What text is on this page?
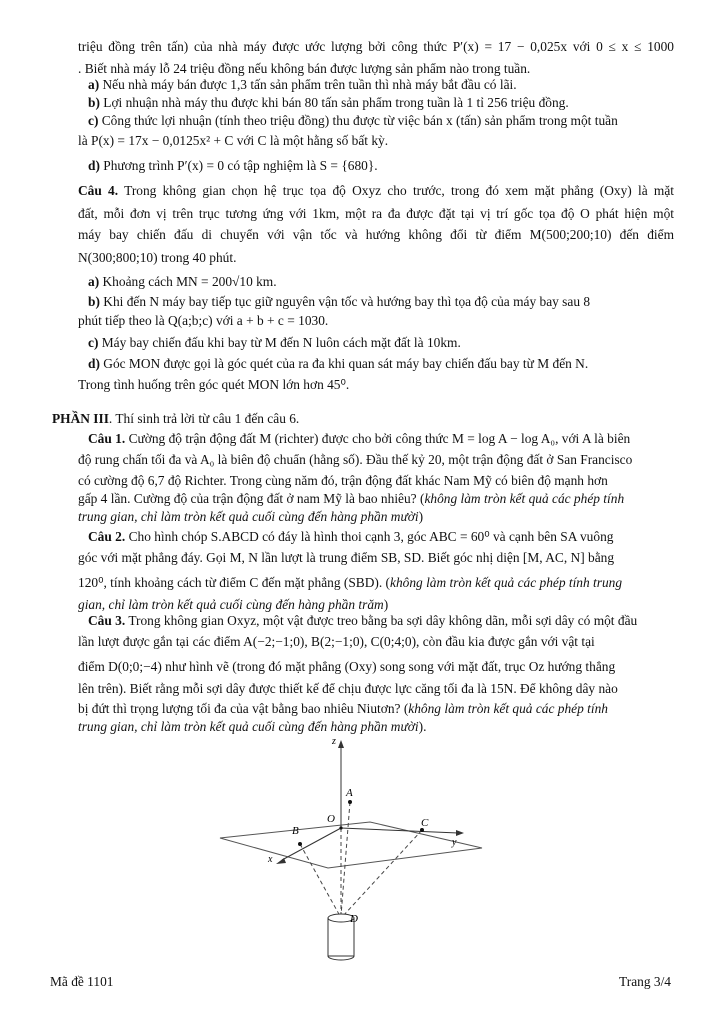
triệu đồng trên tấn) của nhà máy được ước lượng bởi công thức P′(x) = 17 − 0,025x với 0 ≤ x ≤ 1000
. Biết nhà máy lỗ 24 triệu đồng nếu không bán được lượng sản phẩm nào trong tuần.
a) Nếu nhà máy bán được 1,3 tấn sản phẩm trên tuần thì nhà máy bắt đầu có lãi.
b) Lợi nhuận nhà máy thu được khi bán 80 tấn sản phẩm trong tuần là 1 tỉ 256 triệu đồng.
c) Công thức lợi nhuận (tính theo triệu đồng) thu được từ việc bán x (tấn) sản phẩm trong một tuần
là P(x) = 17x − 0,0125x² + C với C là một hằng số bất kỳ.
d) Phương trình P′(x) = 0 có tập nghiệm là S = {680}.
Câu 4. Trong không gian chọn hệ trục tọa độ Oxyz cho trước, trong đó xem mặt phẳng (Oxy) là mặt
đất, mỗi đơn vị trên trục tương ứng với 1km, một ra đa được đặt tại vị trí gốc tọa độ O phát hiện một
máy bay chiến đấu di chuyển với vận tốc và hướng không đổi từ điểm M(500;200;10) đến điểm
N(300;800;10) trong 40 phút.
a) Khoảng cách MN = 200√10 km.
b) Khi đến N máy bay tiếp tục giữ nguyên vận tốc và hướng bay thì tọa độ của máy bay sau 8
phút tiếp theo là Q(a;b;c) với a + b + c = 1030.
c) Máy bay chiến đấu khi bay từ M đến N luôn cách mặt đất là 10km.
d) Góc MON được gọi là góc quét của ra đa khi quan sát máy bay chiến đấu bay từ M đến N.
Trong tình huống trên góc quét MON lớn hơn 45⁰.
PHẦN III. Thí sinh trả lời từ câu 1 đến câu 6.
Câu 1. Cường độ trận động đất M (richter) được cho bởi công thức M = log A − log A₀, với A là biên
độ rung chấn tối đa và A₀ là biên độ chuẩn (hằng số). Đầu thế kỷ 20, một trận động đất ở San Francisco
có cường độ 6,7 độ Richter. Trong cùng năm đó, trận động đất khác Nam Mỹ có biên độ mạnh hơn
gấp 4 lần. Cường độ của trận động đất ở nam Mỹ là bao nhiêu? (không làm tròn kết quả các phép tính
trung gian, chỉ làm tròn kết quả cuối cùng đến hàng phần mười)
Câu 2. Cho hình chóp S.ABCD có đáy là hình thoi cạnh 3, góc ABC = 60⁰ và cạnh bên SA vuông
góc với mặt phẳng đáy. Gọi M, N lần lượt là trung điểm SB, SD. Biết góc nhị diện [M, AC, N] bằng
120⁰, tính khoảng cách từ điểm C đến mặt phẳng (SBD). (không làm tròn kết quả các phép tính trung
gian, chỉ làm tròn kết quả cuối cùng đến hàng phần trăm)
Câu 3. Trong không gian Oxyz, một vật được treo bằng ba sợi dây không dãn, mỗi sợi dây có một đầu
lần lượt được gắn tại các điểm A(−2;−1;0), B(2;−1;0), C(0;4;0), còn đầu kia được gắn với vật tại
điểm D(0;0;−4) như hình vẽ (trong đó mặt phẳng (Oxy) song song với mặt đất, trục Oz hướng thẳng
lên trên). Biết rằng mỗi sợi dây được thiết kế để chịu được lực căng tối đa là 15N. Để không dây nào
bị đứt thì trọng lượng tối đa của vật bằng bao nhiêu Niutơn? (không làm tròn kết quả các phép tính
trung gian, chỉ làm tròn kết quả cuối cùng đến hàng phần mười).
z
A
O
B
C
y
x
D
Mã đề 1101	Trang 3/4
